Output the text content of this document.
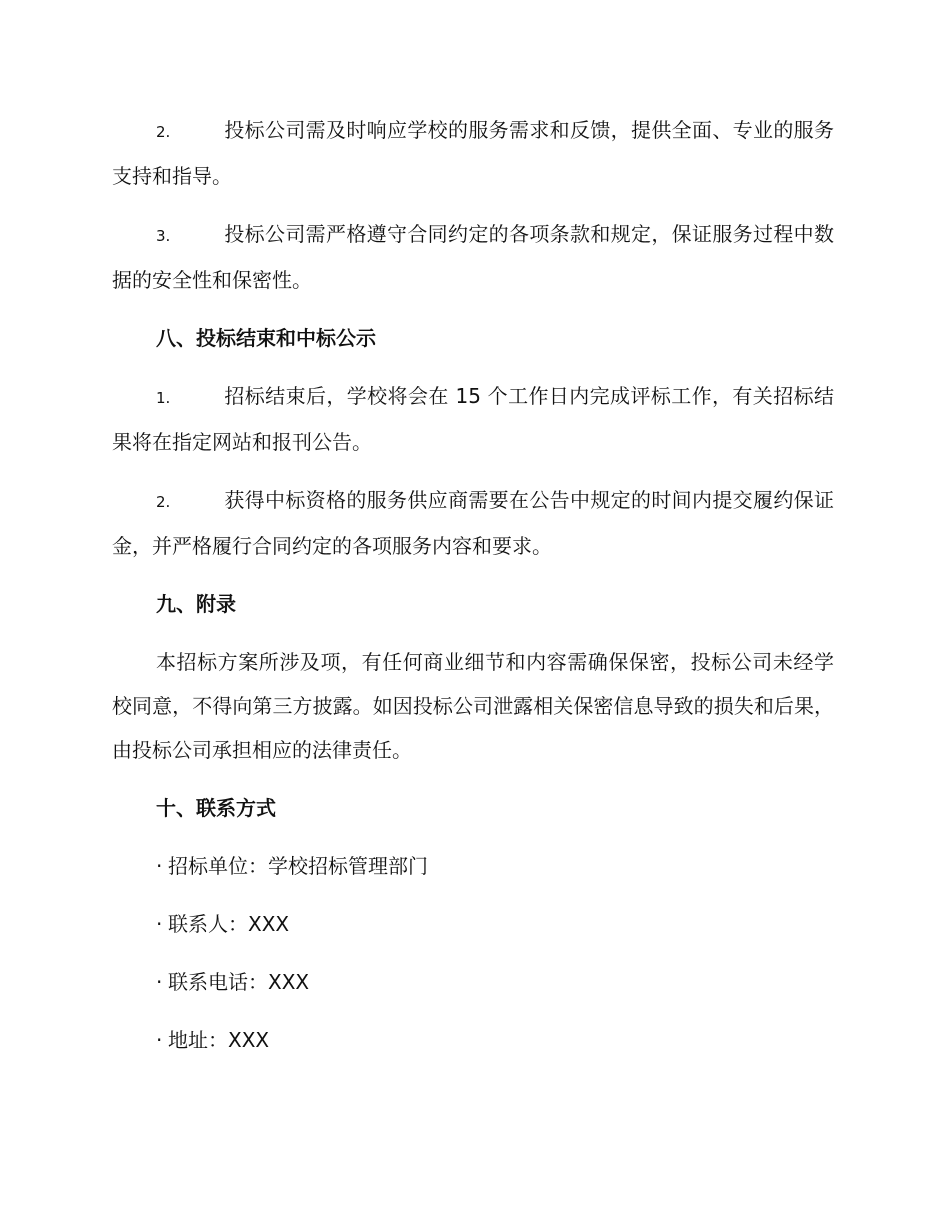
2.	投标公司需及时响应学校的服务需求和反馈，提供全面、专业的服务支持和指导。

3.	投标公司需严格遵守合同约定的各项条款和规定，保证服务过程中数据的安全性和保密性。

八、投标结束和中标公示

1.	招标结束后，学校将会在 15 个工作日内完成评标工作，有关招标结果将在指定网站和报刊公告。

2.	获得中标资格的服务供应商需要在公告中规定的时间内提交履约保证金，并严格履行合同约定的各项服务内容和要求。

九、附录

本招标方案所涉及项，有任何商业细节和内容需确保保密，投标公司未经学校同意，不得向第三方披露。如因投标公司泄露相关保密信息导致的损失和后果，由投标公司承担相应的法律责任。

十、联系方式
· 招标单位：学校招标管理部门
· 联系人：XXX
· 联系电话：XXX
· 地址：XXX
